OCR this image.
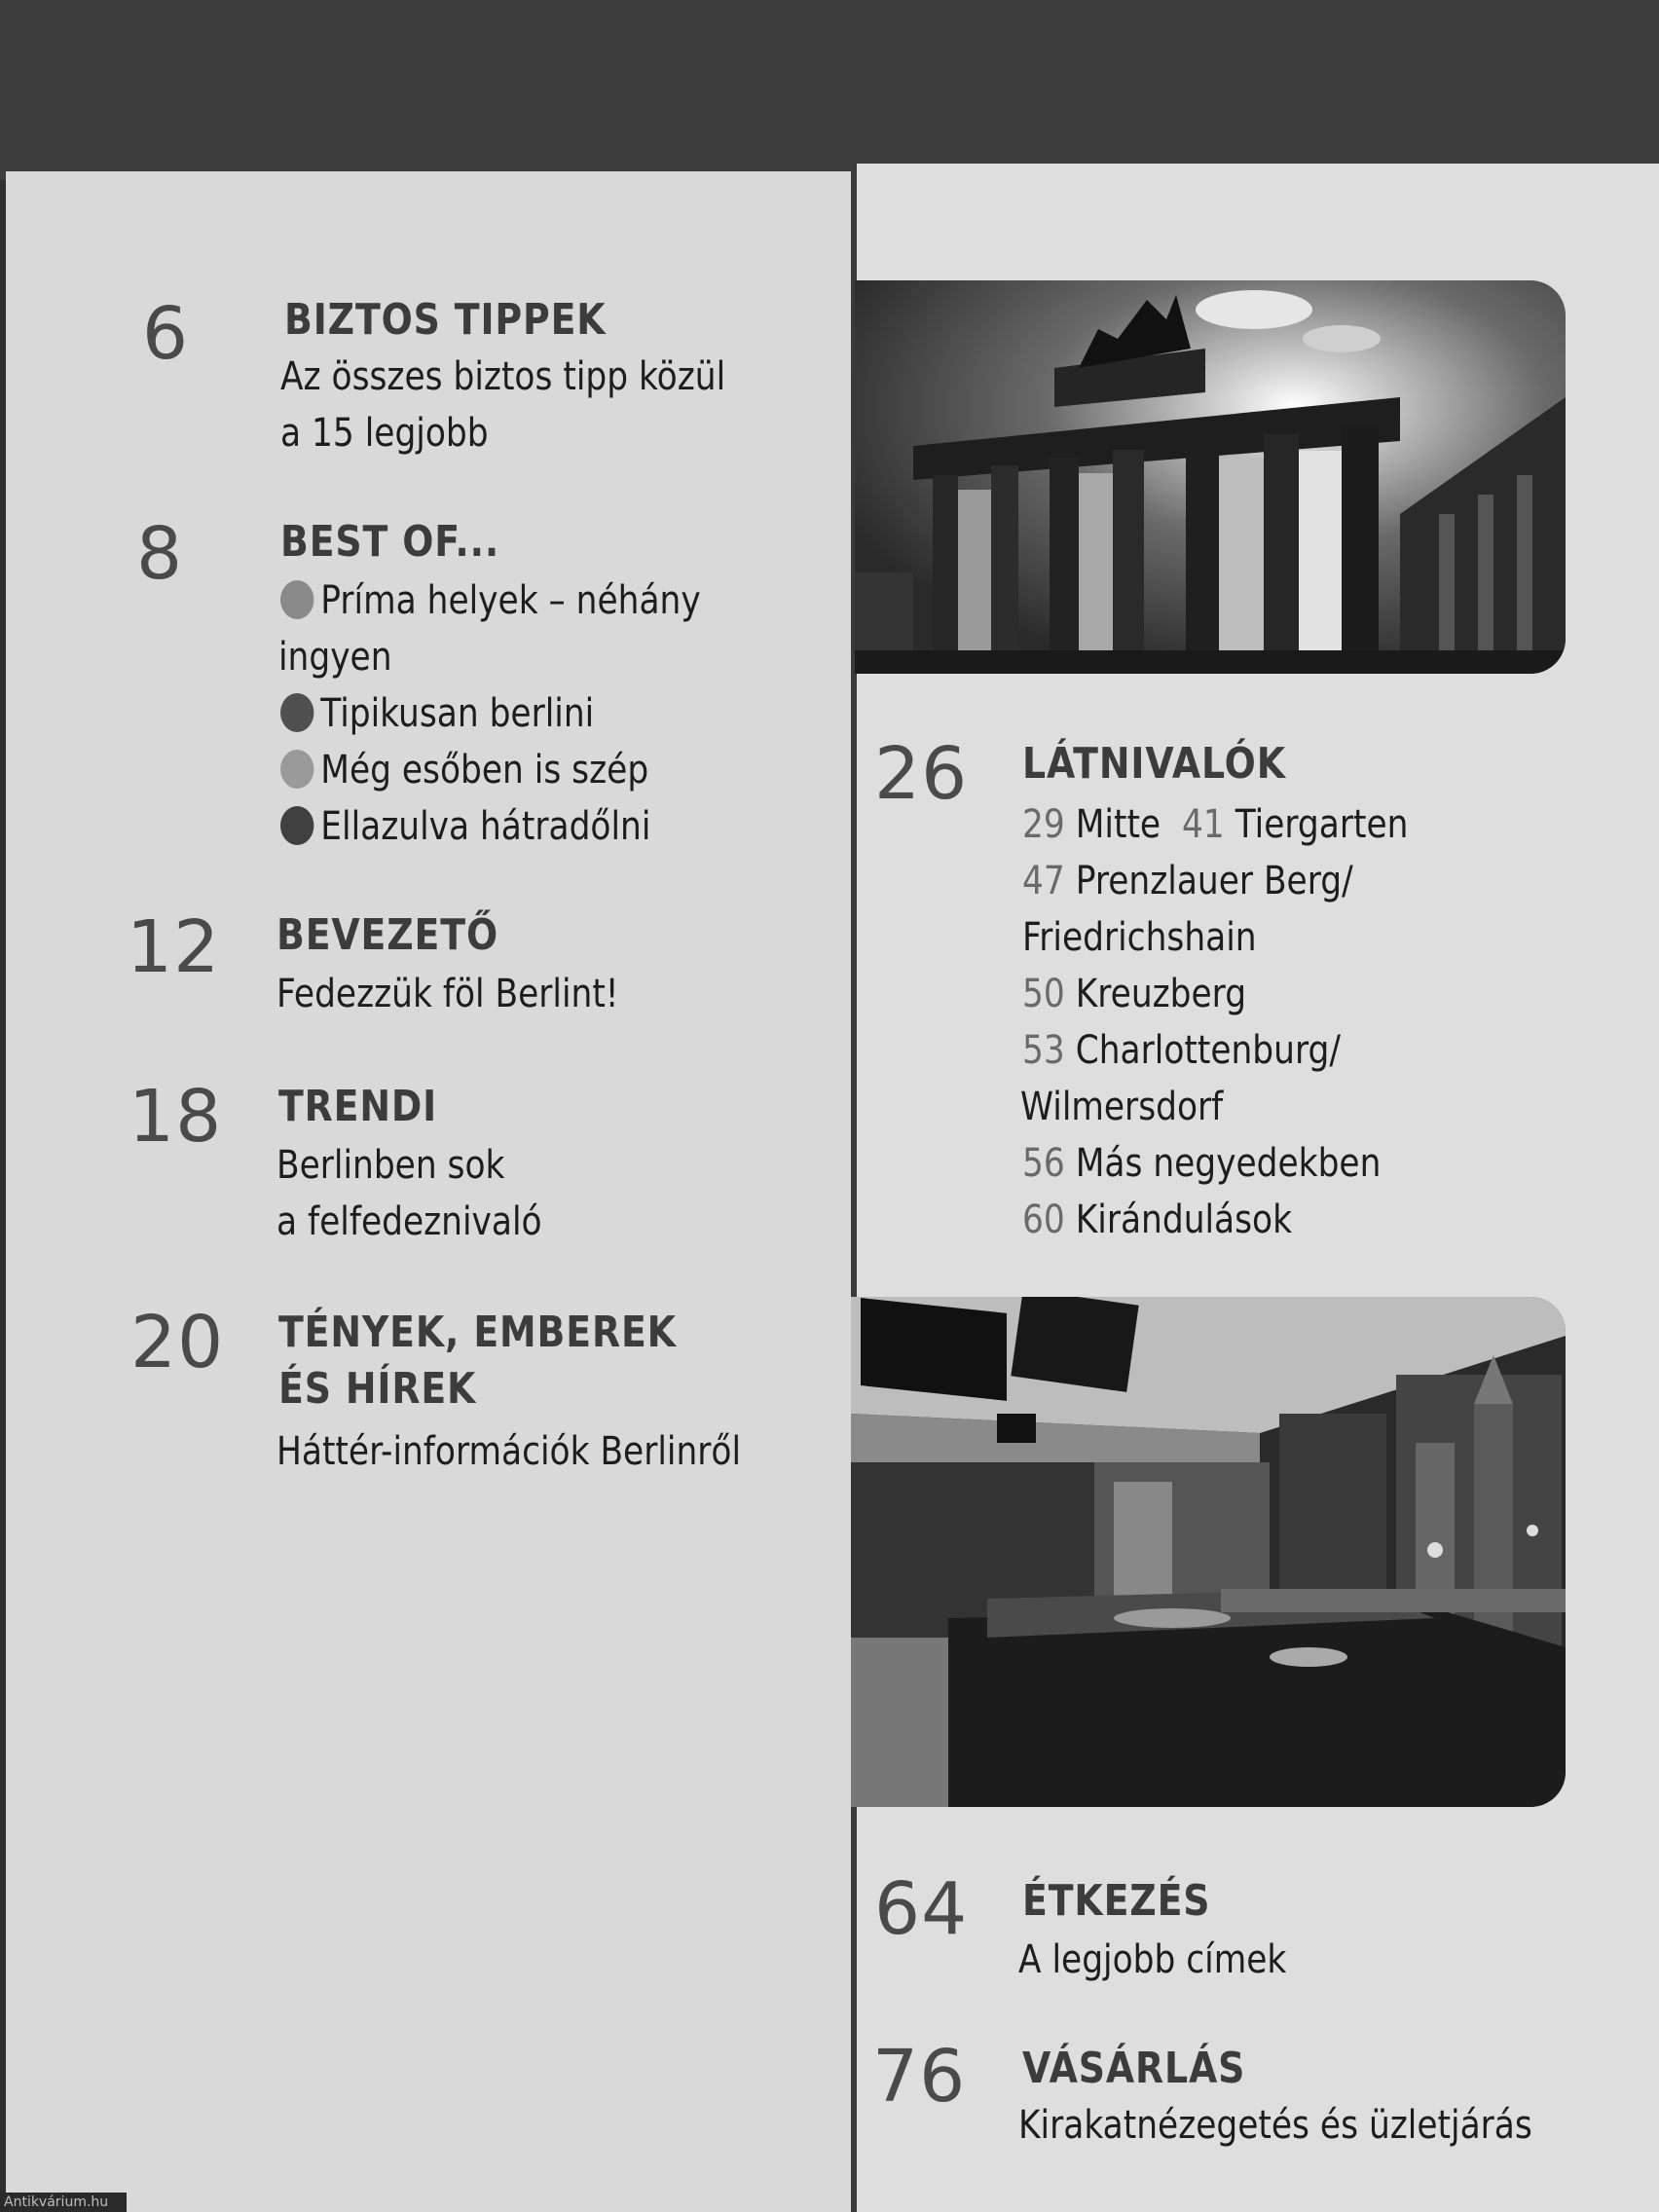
6 BIZTOS TIPPEK
Az összes biztos tipp közül
a 15 legjobb
8 BEST OF...
Príma helyek – néhány
ingyen
Tipikusan berlini
Még esőben is szép
Ellazulva hátradőlni
12 BEVEZETŐ
Fedezzük föl Berlint!
18 TRENDI
Berlinben sok
a felfedeznivaló
20 TÉNYEK, EMBEREK
ÉS HÍREK
Háttér-információk Berlinről
26 LÁTNIVALÓK
29 Mitte 41 Tiergarten
47 Prenzlauer Berg/
Friedrichshain
50 Kreuzberg
53 Charlottenburg/
Wilmersdorf
56 Más negyedekben
60 Kirándulások
64 ÉTKEZÉS
A legjobb címek
76 VÁSÁRLÁS
Kirakatnézegetés és üzletjárás
Antikvárium.hu
